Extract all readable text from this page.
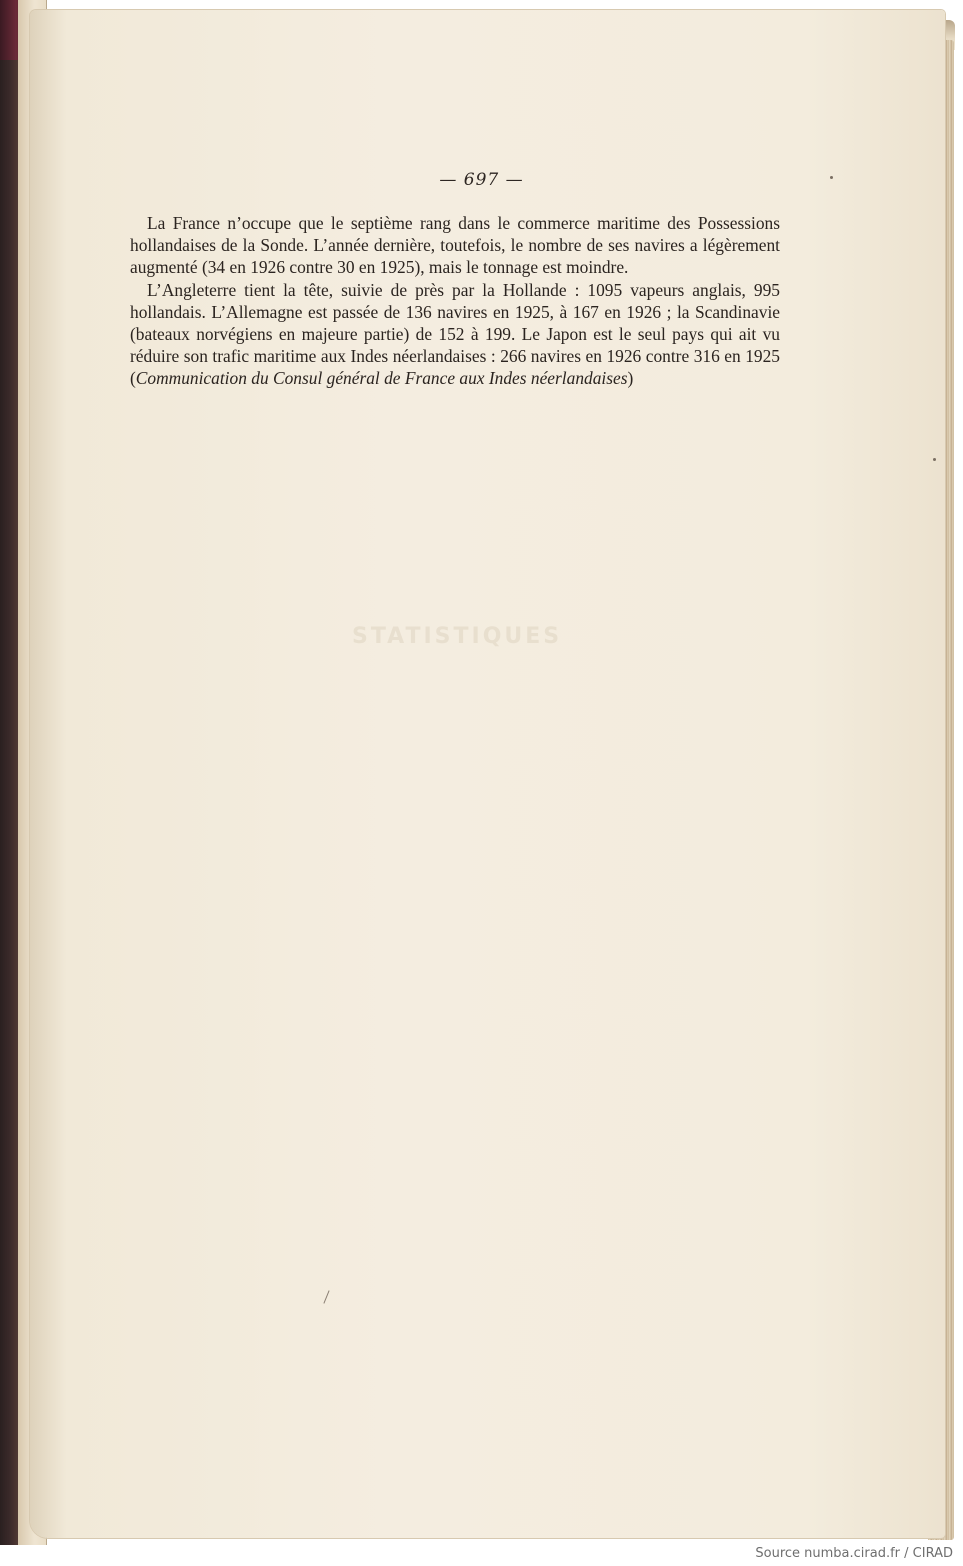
— 697 —

La France n’occupe que le septième rang dans le commerce maritime des Possessions hollandaises de la Sonde. L’année dernière, toutefois, le nombre de ses navires a légèrement augmenté (34 en 1926 contre 30 en 1925), mais le tonnage est moindre.

L’Angleterre tient la tête, suivie de près par la Hollande : 1095 vapeurs anglais, 995 hollandais. L’Allemagne est passée de 136 navires en 1925, à 167 en 1926 ; la Scandinavie (bateaux norvégiens en majeure partie) de 152 à 199. Le Japon est le seul pays qui ait vu réduire son trafic maritime aux Indes néerlandaises : 266 navires en 1926 contre 316 en 1925 (Communication du Consul général de France aux Indes néerlandaises)

STATISTIQUES
Source numba.cirad.fr / CIRAD
